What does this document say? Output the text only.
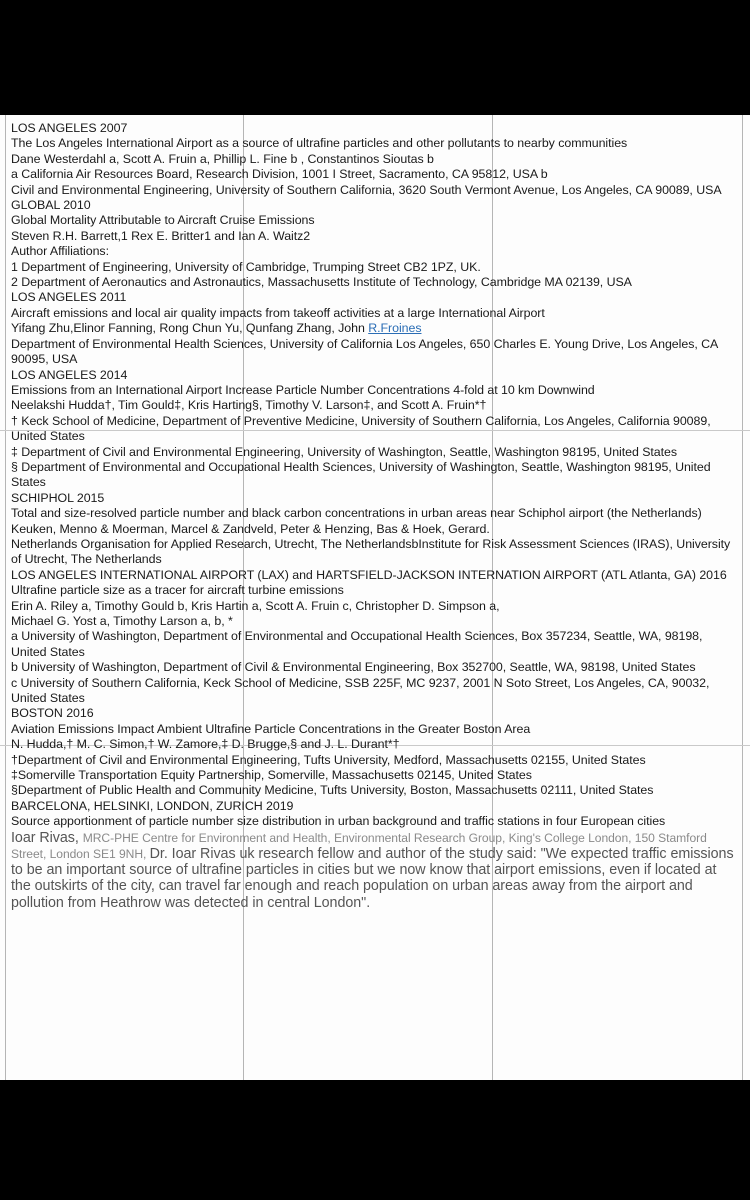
LOS ANGELES 2007
The Los Angeles International Airport as a source of ultrafine particles and other pollutants to nearby communities
Dane Westerdahl a, Scott A. Fruin a, Phillip L. Fine b , Constantinos Sioutas b
a California Air Resources Board, Research Division, 1001 I Street, Sacramento, CA 95812, USA b
Civil and Environmental Engineering, University of Southern California, 3620 South Vermont Avenue, Los Angeles, CA 90089, USA
GLOBAL 2010
Global Mortality Attributable to Aircraft Cruise Emissions
Steven R.H. Barrett,1 Rex E. Britter1 and Ian A. Waitz2
Author Affiliations:
1 Department of Engineering, University of Cambridge, Trumping Street CB2 1PZ, UK.
2 Department of Aeronautics and Astronautics, Massachusetts Institute of Technology, Cambridge MA 02139, USA
LOS ANGELES 2011
Aircraft emissions and local air quality impacts from takeoff activities at a large International Airport
Yifang Zhu,Elinor Fanning, Rong Chun Yu, Qunfang Zhang, John R.Froines
Department of Environmental Health Sciences, University of California Los Angeles, 650 Charles E. Young Drive, Los Angeles, CA 90095, USA
LOS ANGELES 2014
Emissions from an International Airport Increase Particle Number Concentrations 4-fold at 10 km Downwind
Neelakshi Hudda†, Tim Gould‡, Kris Harting§, Timothy V. Larson‡, and Scott A. Fruin*†
† Keck School of Medicine, Department of Preventive Medicine, University of Southern California, Los Angeles, California 90089, United States
‡ Department of Civil and Environmental Engineering, University of Washington, Seattle, Washington 98195, United States
§ Department of Environmental and Occupational Health Sciences, University of Washington, Seattle, Washington 98195, United States
SCHIPHOL 2015
Total and size-resolved particle number and black carbon concentrations in urban areas near Schiphol airport (the Netherlands)
Keuken, Menno & Moerman, Marcel & Zandveld, Peter & Henzing, Bas & Hoek, Gerard.
Netherlands Organisation for Applied Research, Utrecht, The NetherlandsbInstitute for Risk Assessment Sciences (IRAS), University of Utrecht, The Netherlands
LOS ANGELES INTERNATIONAL AIRPORT (LAX) and HARTSFIELD-JACKSON INTERNATION AIRPORT (ATL Atlanta, GA) 2016
Ultrafine particle size as a tracer for aircraft turbine emissions
Erin A. Riley a, Timothy Gould b, Kris Hartin a, Scott A. Fruin c, Christopher D. Simpson a,
Michael G. Yost a, Timothy Larson a, b, *
a University of Washington, Department of Environmental and Occupational Health Sciences, Box 357234, Seattle, WA, 98198, United States
b University of Washington, Department of Civil & Environmental Engineering, Box 352700, Seattle, WA, 98198, United States
c University of Southern California, Keck School of Medicine, SSB 225F, MC 9237, 2001 N Soto Street, Los Angeles, CA, 90032, United States
BOSTON 2016
Aviation Emissions Impact Ambient Ultrafine Particle Concentrations in the Greater Boston Area
N. Hudda,† M. C. Simon,† W. Zamore,‡ D. Brugge,§ and J. L. Durant*†
†Department of Civil and Environmental Engineering, Tufts University, Medford, Massachusetts 02155, United States
‡Somerville Transportation Equity Partnership, Somerville, Massachusetts 02145, United States
§Department of Public Health and Community Medicine, Tufts University, Boston, Massachusetts 02111, United States
BARCELONA, HELSINKI, LONDON, ZURICH 2019
Source apportionment of particle number size distribution in urban background and traffic stations in four European cities
Ioar Rivas, MRC-PHE Centre for Environment and Health, Environmental Research Group, King's College London, 150 Stamford Street, London SE1 9NH, Dr. Ioar Rivas uk research fellow and author of the study said: "We expected traffic emissions to be an important source of ultrafine particles in cities but we now know that airport emissions, even if located at the outskirts of the city, can travel far enough and reach population on urban areas away from the airport and pollution from Heathrow was detected in central London".
